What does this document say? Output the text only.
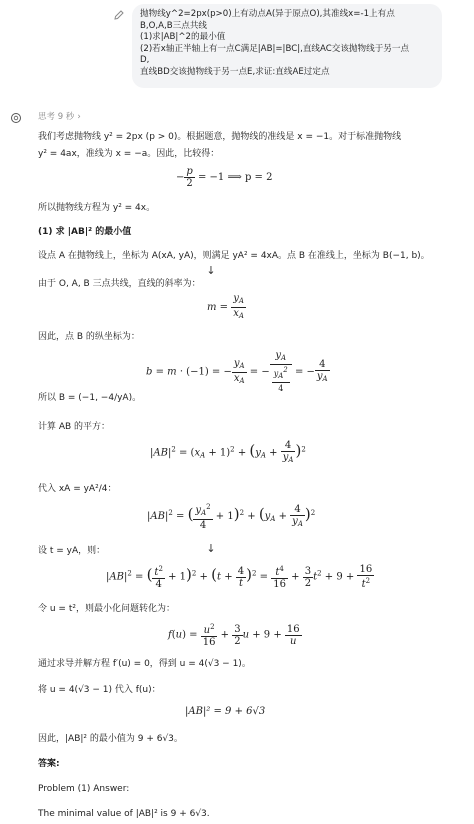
抛物线y^2=2px(p>0)上有动点A(异于原点O),其准线x=-1上有点
B,O,A,B三点共线
(1)求|AB|^2的最小值
(2)若x轴正半轴上有一点C满足|AB|=|BC|,直线AC交该抛物线于另一点
D,
直线BD交该抛物线于另一点E,求证:直线AE过定点
思考 9 秒 ›

我们考虑抛物线 y² = 2px (p > 0)。根据题意，抛物线的准线是 x = −1。对于标准抛物线

y² = 4ax，准线为 x = −a。因此，比较得：

− $\frac{p}{2} = -1$ ⟹ p = 2

所以抛物线方程为 y² = 4x。

(1) 求 |AB|² 的最小值

设点 A 在抛物线上，坐标为 A(xA, yA)，则满足 yA² = 4xA。点 B 在准线上，坐标为 B(−1, b)。

↓

由于 O, A, B 三点共线，直线的斜率为：

$m = \frac{y_A}{x_A}$

因此，点 B 的纵坐标为：

b = m · (−1) = − $\frac{y_A}{x_A}$ = − $\frac{y_A}{\frac{yA2}{4}}$ = − $\frac{4}{y_A}$

所以 B = (−1, −4/yA)。

计算 AB 的平方：

$|AB|^2 = (x_A + 1)^2 + (y_A + \frac{4}{y_A} )^2$

代入 xA = yA²/4：

$|AB|^2$ = ( $\frac{y_A^2}{4} + 1)^2 + (y_A + \frac{4}{y_A} )^2$

设 t = yA，则：	↓
$|AB|^2$ = ( $\frac{t^2}{4} + 1)^2 + (t + \frac{4}{t} )^2 = \frac{t^4}{16} + \frac{3}{2} t^2 + 9 + \frac{16}{t^2}$

令 u = t²，则最小化问题转化为：

$f(u) = \frac{u^2}{16} + \frac{3}{2}$ $u + 9 + \frac{16}{u}$

通过求导并解方程 f′(u) = 0，得到 u = 4(√3 − 1)。

将 u = 4(√3 − 1) 代入 f(u)：

|AB|² = 9 + 6√3

因此，|AB|² 的最小值为 9 + 6√3。

答案:

Problem (1) Answer:

The minimal value of |AB|² is 9 + 6√3.
